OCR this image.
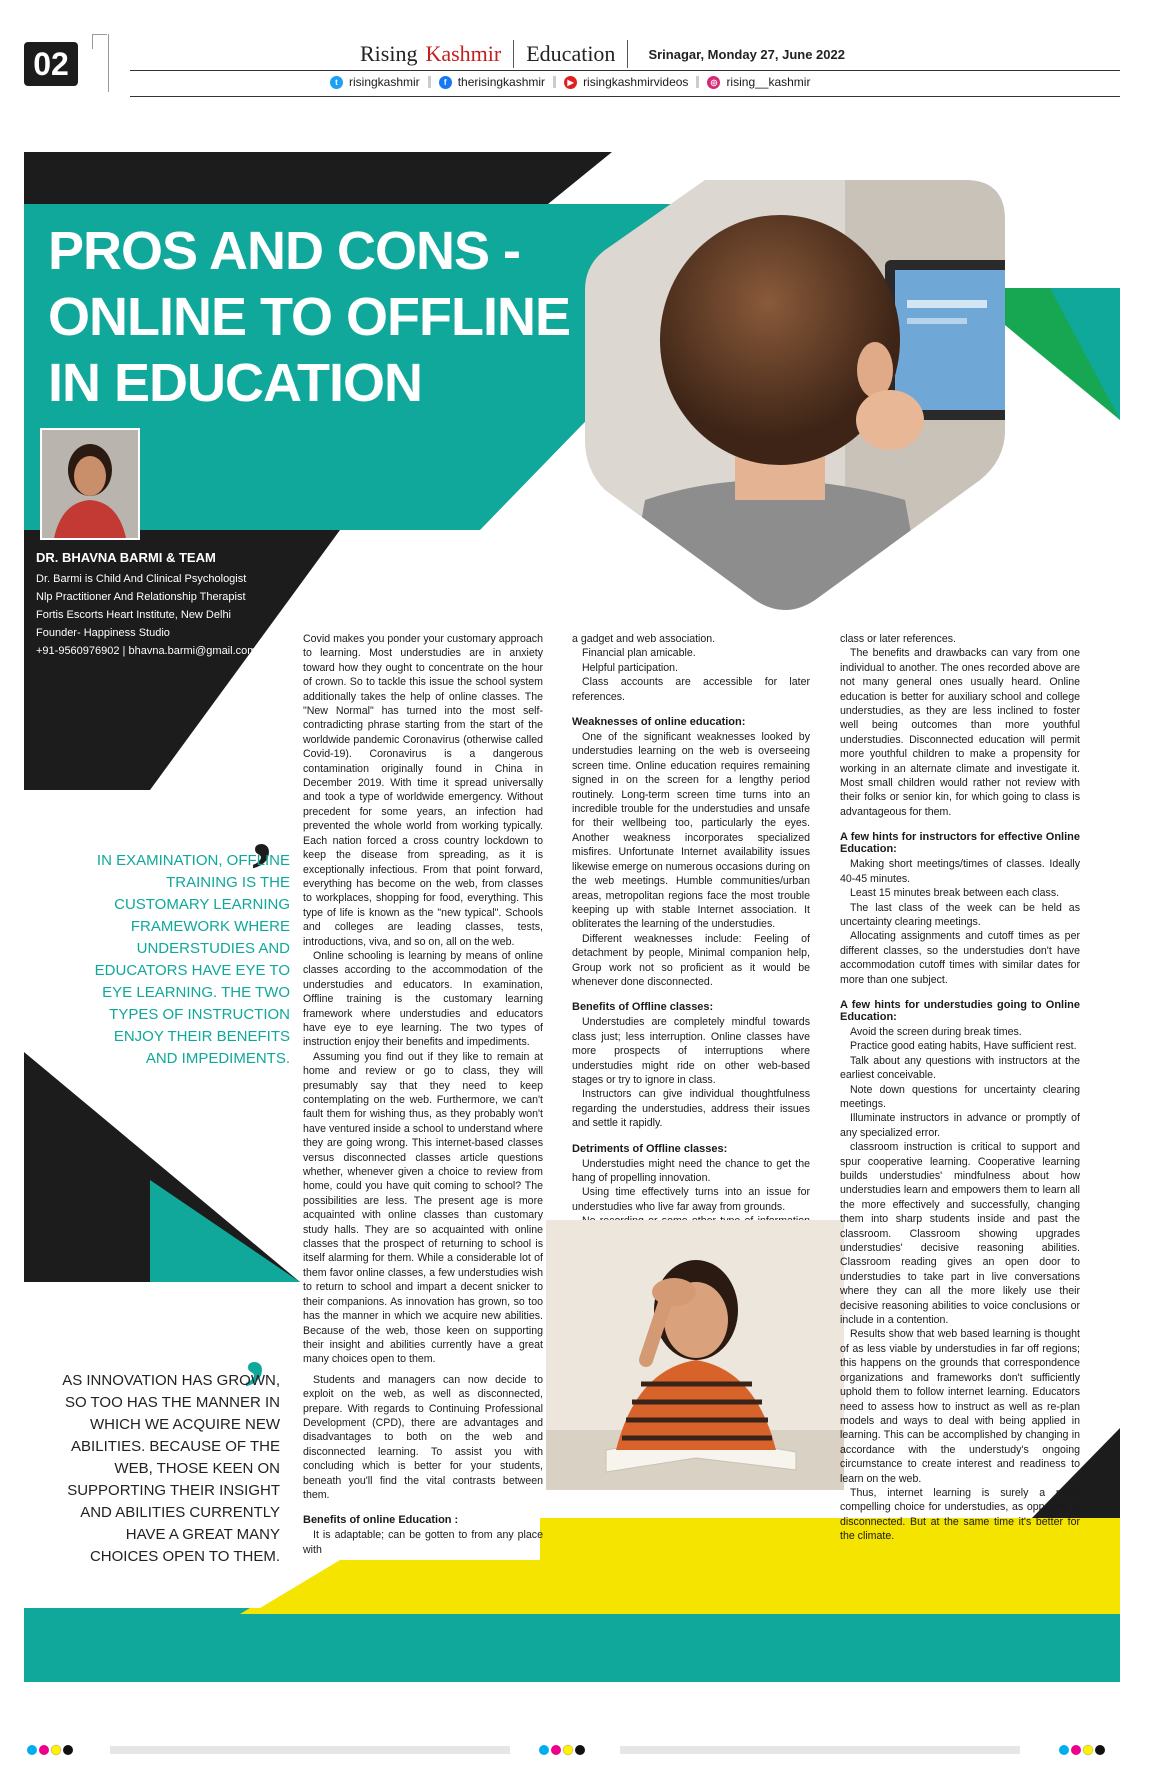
02	Rising Kashmir Education	Srinagar, Monday 27, June 2022
t risingkashmir	f therisingkashmir	▶ risingkashmirvideos	◎ rising__kashmir
PROS AND CONS -
ONLINE TO OFFLINE
IN EDUCATION
DR. BHAVNA BARMI & TEAM
Dr. Barmi is Child And Clinical Psychologist
Nlp Practitioner And Relationship Therapist
Fortis Escorts Heart Institute, New Delhi
Founder- Happiness Studio
+91-9560976902 | bhavna.barmi@gmail.com
,
IN EXAMINATION, OFFLINE TRAINING IS THE CUSTOMARY LEARNING FRAMEWORK WHERE UNDERSTUDIES AND EDUCATORS HAVE EYE TO EYE LEARNING. THE TWO TYPES OF INSTRUCTION ENJOY THEIR BENEFITS AND IMPEDIMENTS.
,
AS INNOVATION HAS GROWN, SO TOO HAS THE MANNER IN WHICH WE ACQUIRE NEW ABILITIES. BECAUSE OF THE WEB, THOSE KEEN ON SUPPORTING THEIR INSIGHT AND ABILITIES CURRENTLY HAVE A GREAT MANY CHOICES OPEN TO THEM.

Covid makes you ponder your customary approach to learning. Most understudies are in anxiety toward how they ought to concentrate on the hour of crown. So to tackle this issue the school system additionally takes the help of online classes. The "New Normal" has turned into the most self-contradicting phrase starting from the start of the worldwide pandemic Coronavirus (otherwise called Covid-19). Coronavirus is a dangerous contamination originally found in China in December 2019. With time it spread universally and took a type of worldwide emergency. Without precedent for some years, an infection had prevented the whole world from working typically. Each nation forced a cross country lockdown to keep the disease from spreading, as it is exceptionally infectious. From that point forward, everything has become on the web, from classes to workplaces, shopping for food, everything. This type of life is known as the "new typical". Schools and colleges are leading classes, tests, introductions, viva, and so on, all on the web.

Online schooling is learning by means of online classes according to the accommodation of the understudies and educators. In examination, Offline training is the customary learning framework where understudies and educators have eye to eye learning. The two types of instruction enjoy their benefits and impediments.

Assuming you find out if they like to remain at home and review or go to class, they will presumably say that they need to keep contemplating on the web. Furthermore, we can't fault them for wishing thus, as they probably won't have ventured inside a school to understand where they are going wrong. This internet-based classes versus disconnected classes article questions whether, whenever given a choice to review from home, could you have quit coming to school? The possibilities are less. The present age is more acquainted with online classes than customary study halls. They are so acquainted with online classes that the prospect of returning to school is itself alarming for them. While a considerable lot of them favor online classes, a few understudies wish to return to school and impart a decent snicker to their companions. As innovation has grown, so too has the manner in which we acquire new abilities. Because of the web, those keen on supporting their insight and abilities currently have a great many choices open to them.

Students and managers can now decide to exploit on the web, as well as disconnected, prepare. With regards to Continuing Professional Development (CPD), there are advantages and disadvantages to both on the web and disconnected learning. To assist you with concluding which is better for your students, beneath you'll find the vital contrasts between them.

Benefits of online Education :

It is adaptable; can be gotten to from any place with

a gadget and web association.

Financial plan amicable.

Helpful participation.

Class accounts are accessible for later references.

Weaknesses of online education:

One of the significant weaknesses looked by understudies learning on the web is overseeing screen time. Online education requires remaining signed in on the screen for a lengthy period routinely. Long-term screen time turns into an incredible trouble for the understudies and unsafe for their wellbeing too, particularly the eyes. Another weakness incorporates specialized misfires. Unfortunate Internet availability issues likewise emerge on numerous occasions during on the web meetings. Humble communities/urban areas, metropolitan regions face the most trouble keeping up with stable Internet association. It obliterates the learning of the understudies.

Different weaknesses include: Feeling of detachment by people, Minimal companion help, Group work not so proficient as it would be whenever done disconnected.

Benefits of Offline classes:

Understudies are completely mindful towards class just; less interruption. Online classes have more prospects of interruptions where understudies might ride on other web-based stages or try to ignore in class.

Instructors can give individual thoughtfulness regarding the understudies, address their issues and settle it rapidly.

Detriments of Offline classes:

Understudies might need the chance to get the hang of propelling innovation.

Using time effectively turns into an issue for understudies who live far away from grounds.

class or later references.

The benefits and drawbacks can vary from one individual to another. The ones recorded above are not many general ones usually heard. Online education is better for auxiliary school and college understudies, as they are less inclined to foster well being outcomes than more youthful understudies. Disconnected education will permit more youthful children to make a propensity for working in an alternate climate and investigate it. Most small children would rather not review with their folks or senior kin, for which going to class is advantageous for them.

A few hints for instructors for effective Online Education:

Making short meetings/times of classes. Ideally 40-45 minutes.

Least 15 minutes break between each class.

The last class of the week can be held as uncertainty clearing meetings.

Allocating assignments and cutoff times as per different classes, so the understudies don't have accommodation cutoff times with similar dates for more than one subject.

A few hints for understudies going to Online Education:

Avoid the screen during break times.

Practice good eating habits, Have sufficient rest.

Talk about any questions with instructors at the earliest conceivable.

Note down questions for uncertainty clearing meetings.

Illuminate instructors in advance or promptly of any specialized error.

classroom instruction is critical to support and spur cooperative learning. Cooperative learning builds understudies' mindfulness about how understudies learn and empowers them to learn all the more effectively and successfully, changing them into sharp students inside and past the classroom. Classroom showing upgrades understudies' decisive reasoning abilities. Classroom reading gives an open door to understudies to take part in live conversations where they can all the more likely use their decisive reasoning abilities to voice conclusions or include in a contention.

Results show that web based learning is thought of as less viable by understudies in far off regions; this happens on the grounds that correspondence organizations and frameworks don't sufficiently uphold them to follow internet learning. Educators need to assess how to instruct as well as re-plan models and ways to deal with being applied in learning. This can be accomplished by changing in accordance with the understudy's ongoing circumstance to create interest and readiness to learn on the web.

Thus, internet learning is surely a more compelling choice for understudies, as opposed to disconnected. But at the same time it's better for the climate.
